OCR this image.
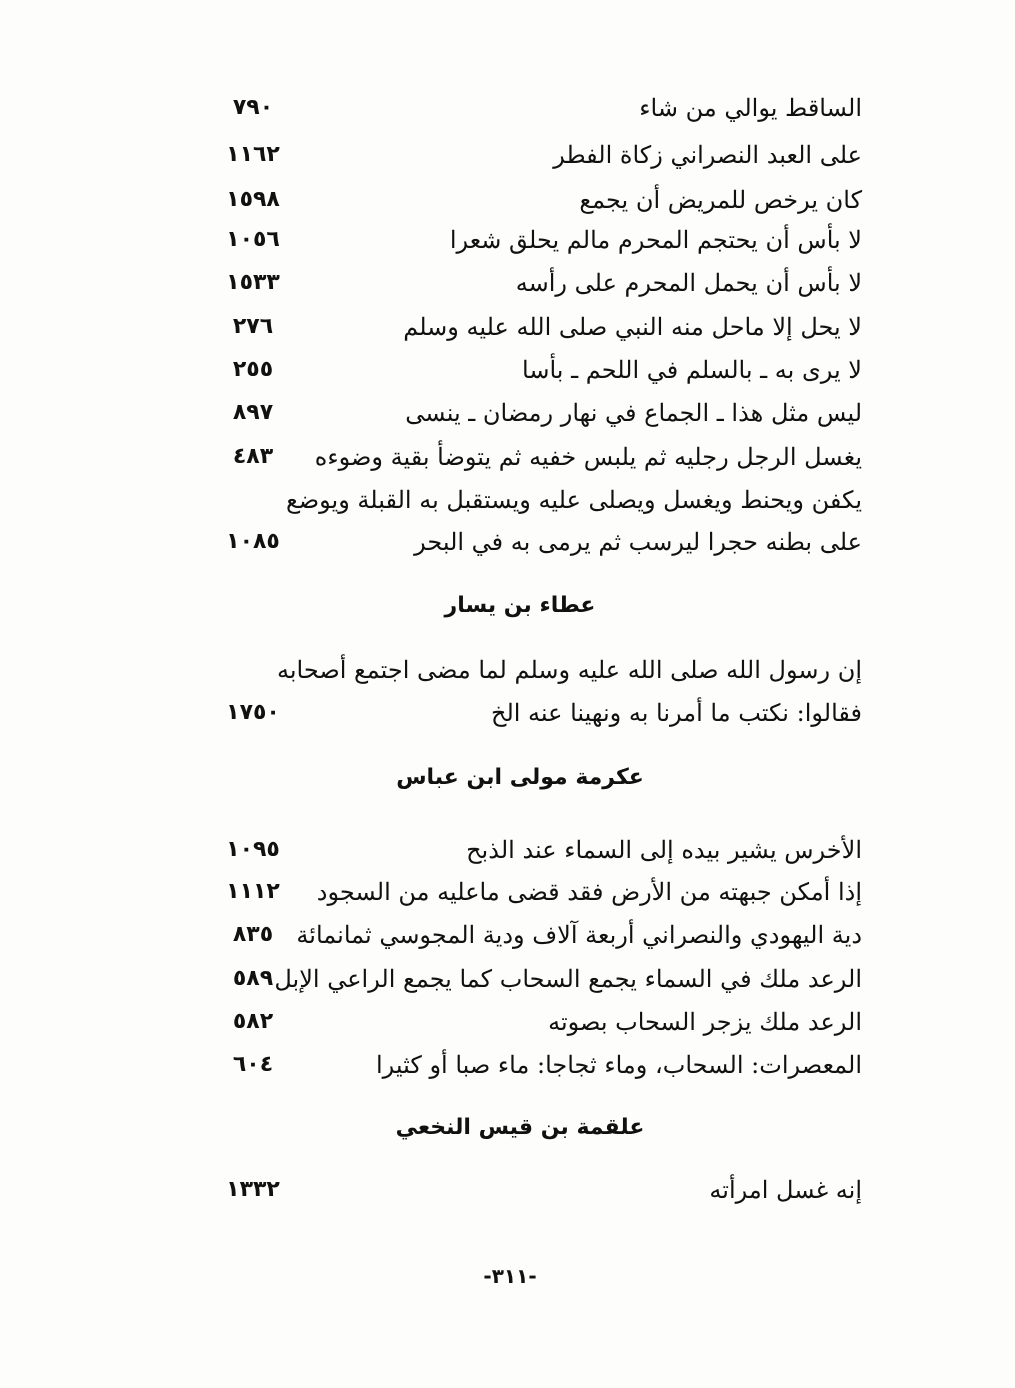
الساقط يوالي من شاء
٧٩٠
على العبد النصراني زكاة الفطر
١١٦٢
كان يرخص للمريض أن يجمع
١٥٩٨
لا بأس أن يحتجم المحرم مالم يحلق شعرا
١٠٥٦
لا بأس أن يحمل المحرم على رأسه
١٥٣٣
لا يحل إلا ماحل منه النبي صلى الله عليه وسلم
٢٧٦
لا يرى به ـ بالسلم في اللحم ـ بأسا
٢٥٥
ليس مثل هذا ـ الجماع في نهار رمضان ـ ينسى
٨٩٧
يغسل الرجل رجليه ثم يلبس خفيه ثم يتوضأ بقية وضوءه
٤٨٣
يكفن ويحنط ويغسل ويصلى عليه ويستقبل به القبلة ويوضع
على بطنه حجرا ليرسب ثم يرمى به في البحر
١٠٨٥
عطاء بن يسار
إن رسول الله صلى الله عليه وسلم لما مضى اجتمع أصحابه
فقالوا: نكتب ما أمرنا به ونهينا عنه الخ
١٧٥٠
عكرمة مولى ابن عباس
الأخرس يشير بيده إلى السماء عند الذبح
١٠٩٥
إذا أمكن جبهته من الأرض فقد قضى ماعليه من السجود
١١١٢
دية اليهودي والنصراني أربعة آلاف ودية المجوسي ثمانمائة
٨٣٥
الرعد ملك في السماء يجمع السحاب كما يجمع الراعي الإبل
٥٨٩
الرعد ملك يزجر السحاب بصوته
٥٨٢
المعصرات: السحاب، وماء ثجاجا: ماء صبا أو كثيرا
٦٠٤
علقمة بن قيس النخعي
إنه غسل امرأته
١٣٣٢
-٣١١-
